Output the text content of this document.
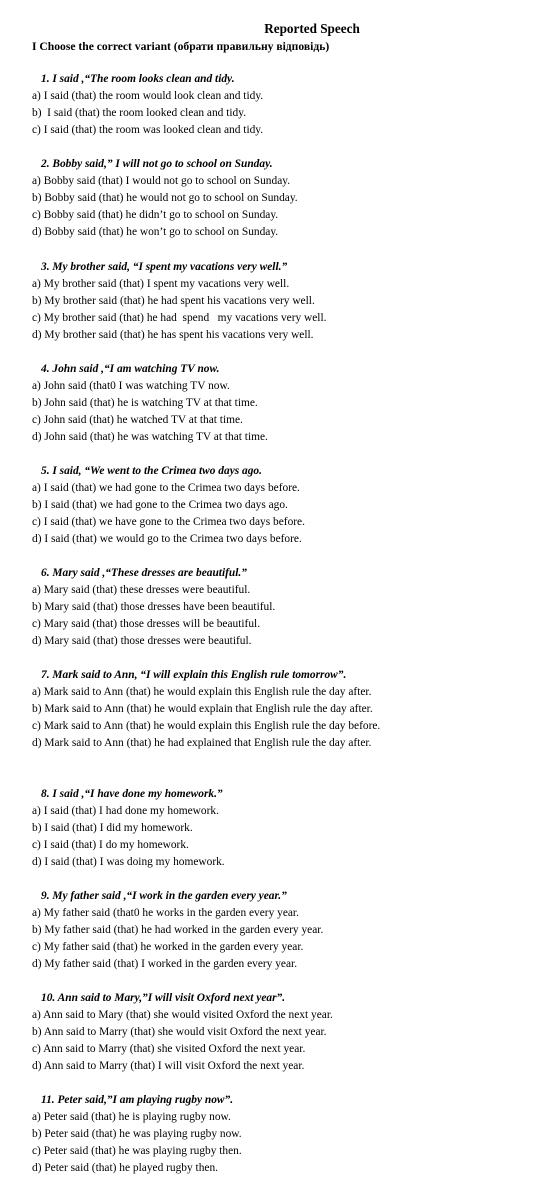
Reported Speech
I Choose the correct variant (обрати правильну відповідь)
1. I said ,“The room looks clean and tidy.
a) I said (that) the room would look clean and tidy.
b)  I said (that) the room looked clean and tidy.
c) I said (that) the room was looked clean and tidy.
2. Bobby said,” I will not go to school on Sunday.
a) Bobby said (that) I would not go to school on Sunday.
b) Bobby said (that) he would not go to school on Sunday.
c) Bobby said (that) he didn’t go to school on Sunday.
d) Bobby said (that) he won’t go to school on Sunday.
3. My brother said, “I spent my vacations very well.”
a) My brother said (that) I spent my vacations very well.
b) My brother said (that) he had spent his vacations very well.
c) My brother said (that) he had  spend   my vacations very well.
d) My brother said (that) he has spent his vacations very well.
4. John said ,“I am watching TV now.
a) John said (that0 I was watching TV now.
b) John said (that) he is watching TV at that time.
c) John said (that) he watched TV at that time.
d) John said (that) he was watching TV at that time.
5. I said, “We went to the Crimea two days ago.
a) I said (that) we had gone to the Crimea two days before.
b) I said (that) we had gone to the Crimea two days ago.
c) I said (that) we have gone to the Crimea two days before.
d) I said (that) we would go to the Crimea two days before.
6. Mary said ,“These dresses are beautiful.”
a) Mary said (that) these dresses were beautiful.
b) Mary said (that) those dresses have been beautiful.
c) Mary said (that) those dresses will be beautiful.
d) Mary said (that) those dresses were beautiful.
7. Mark said to Ann, “I will explain this English rule tomorrow”.
a) Mark said to Ann (that) he would explain this English rule the day after.
b) Mark said to Ann (that) he would explain that English rule the day after.
c) Mark said to Ann (that) he would explain this English rule the day before.
d) Mark said to Ann (that) he had explained that English rule the day after.
8. I said ,“I have done my homework.”
a) I said (that) I had done my homework.
b) I said (that) I did my homework.
c) I said (that) I do my homework.
d) I said (that) I was doing my homework.
9. My father said ,“I work in the garden every year.”
a) My father said (that0 he works in the garden every year.
b) My father said (that) he had worked in the garden every year.
c) My father said (that) he worked in the garden every year.
d) My father said (that) I worked in the garden every year.
10. Ann said to Mary,”I will visit Oxford next year”.
a) Ann said to Mary (that) she would visited Oxford the next year.
b) Ann said to Marry (that) she would visit Oxford the next year.
c) Ann said to Marry (that) she visited Oxford the next year.
d) Ann said to Marry (that) I will visit Oxford the next year.
11. Peter said,”I am playing rugby now”.
a) Peter said (that) he is playing rugby now.
b) Peter said (that) he was playing rugby now.
c) Peter said (that) he was playing rugby then.
d) Peter said (that) he played rugby then.
